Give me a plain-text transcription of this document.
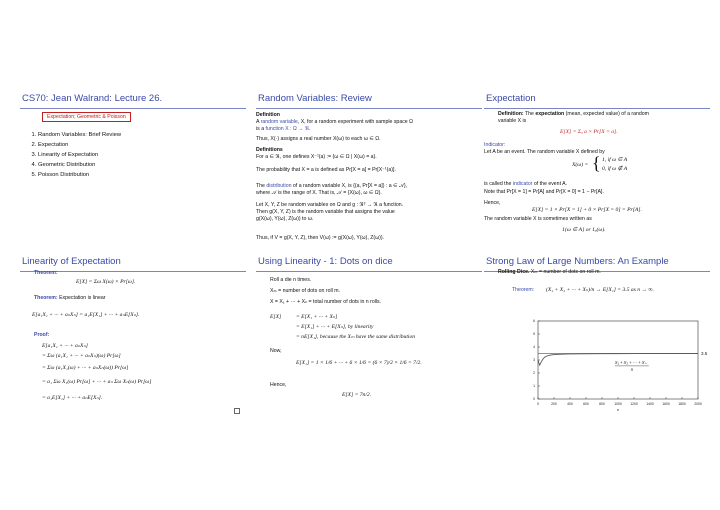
CS70: Jean Walrand: Lecture 26.
Expectation; Geometric & Poisson
1. Random Variables: Brief Review
2. Expectation
3. Linearity of Expectation
4. Geometric Distribution
5. Poisson Distribution
Random Variables: Review
Definition
A random variable, X, for a random experiment with sample space Ω
is a function X : Ω → ℜ.
Thus, X(·) assigns a real number X(ω) to each ω ∈ Ω.
Definitions
For a ∈ ℜ, one defines X⁻¹(a) := {ω ∈ Ω | X(ω) = a}.
The probability that X = a is defined as Pr[X = a] = Pr[X⁻¹(a)].
The distribution of a random variable X, is {(a, Pr[X = a]) : a ∈ 𝒜},
where 𝒜 is the range of X. That is, 𝒜 = {X(ω), ω ∈ Ω}.
Let X, Y, Z be random variables on Ω and g : ℜ³ → ℜ a function.
Then g(X, Y, Z) is the random variable that assigns the value
g(X(ω), Y(ω), Z(ω)) to ω.
Thus, if V = g(X, Y, Z), then V(ω) := g(X(ω), Y(ω), Z(ω)).
Expectation
Definition: The expectation (mean, expected value) of a random
variable X is
E[X] = Σₐ a × Pr[X = a].
Indicator:
Let A be an event. The random variable X defined by
X(ω) = { 1, if ω ∈ A
0, if ω ∉ A
is called the indicator of the event A.
Note that Pr[X = 1] = Pr[A] and Pr[X = 0] = 1 − Pr[A].
Hence,
E[X] = 1 × Pr[X = 1] + 0 × Pr[X = 0] = Pr[A].
The random variable X is sometimes written as
1{ω ∈ A} or 1ₐ(ω).
Linearity of Expectation
Theorem:
E[X] = Σω X(ω) × Pr[ω].
Theorem: Expectation is linear
E[a₁X₁ + ··· + aₙXₙ] = a₁E[X₁] + ··· + aₙE[Xₙ].
Proof:
E[a₁X₁ + ··· + aₙXₙ]
= Σω (a₁X₁ + ··· + aₙXₙ)(ω) Pr[ω]
= Σω (a₁X₁(ω) + ··· + aₙXₙ(ω)) Pr[ω]
= a₁ Σω X₁(ω) Pr[ω] + ··· + aₙ Σω Xₙ(ω) Pr[ω]
= a₁E[X₁] + ··· + aₙE[Xₙ].
Using Linearity - 1: Dots on dice
Roll a die n times.
Xₘ = number of dots on roll m.
X = X₁ + ··· + Xₙ = total number of dots in n rolls.
E[X]	= E[X₁ + ··· + Xₙ]
= E[X₁] + ··· + E[Xₙ], by linearity
= nE[X₁], because the Xₘ have the same distribution
Now,
E[X₁] = 1 × 1/6 + ··· + 6 × 1/6 = (6 × 7)/2 × 1/6 = 7/2.
Hence,
E[X] = 7n/2.
Strong Law of Large Numbers: An Example
Rolling Dice. Xₘ = number of dots on roll m.
Theorem: (X₁ + X₂ + ··· + Xₙ)/n → E[X₁] = 3.5 as n → ∞.
0	200	400	600	800	1000 1200 1400 1600 1800 2000
0
1
2
3
4
5
6
3.5
X₁ + X₂ + ··· + Xₙ
n
n
